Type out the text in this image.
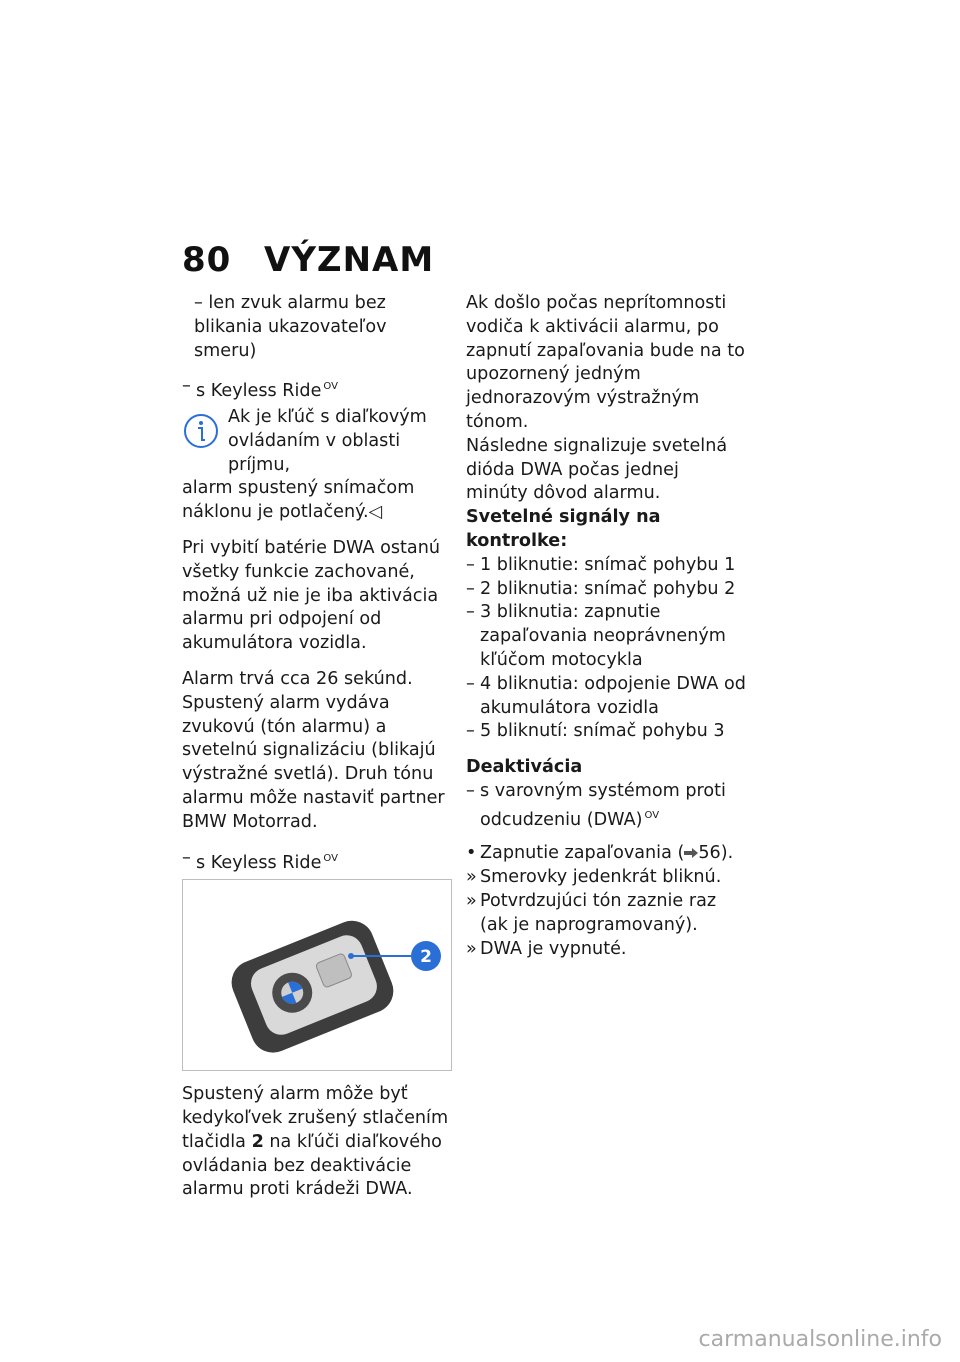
80 VÝZNAM

– len zvuk alarmu bez blikania ukazovateľov smeru)

– s Keyless Ride $^{OV}$

Ak je kľúč s diaľkovým ovládaním v oblasti príjmu,

alarm spustený snímačom náklonu je potlačený.◁

Pri vybití batérie DWA ostanú všetky funkcie zachované, možná už nie je iba aktivácia alarmu pri odpojení od akumulátora vozidla.

Alarm trvá cca 26 sekúnd. Spustený alarm vydáva zvukovú (tón alarmu) a svetelnú signalizáciu (blikajú výstražné svetlá). Druh tónu alarmu môže nastaviť partner BMW Motorrad.

– s Keyless Ride $^{OV}$

2

Spustený alarm môže byť kedykoľvek zrušený stlačením tlačidla 2 na kľúči diaľkového ovládania bez deaktivácie alarmu proti krádeži DWA.

Ak došlo počas neprítomnosti vodiča k aktivácii alarmu, po zapnutí zapaľovania bude na to upozornený jedným jednorazovým výstražným tónom.

Následne signalizuje svetelná dióda DWA počas jednej minúty dôvod alarmu.

Svetelné signály na kontrolke:

– 1 bliknutie: snímač pohybu 1

– 2 bliknutia: snímač pohybu 2

– 3 bliknutia: zapnutie zapaľovania neoprávneným kľúčom motocykla

– 4 bliknutia: odpojenie DWA od akumulátora vozidla

– 5 bliknutí: snímač pohybu 3

Deaktivácia

– s varovným systémom proti odcudzeniu (DWA) $^{OV}$

• Zapnutie zapaľovania ( 56).

» Smerovky jedenkrát bliknú.

» Potvrdzujúci tón zaznie raz (ak je naprogramovaný).

» DWA je vypnuté.

carmanualsonline.info
